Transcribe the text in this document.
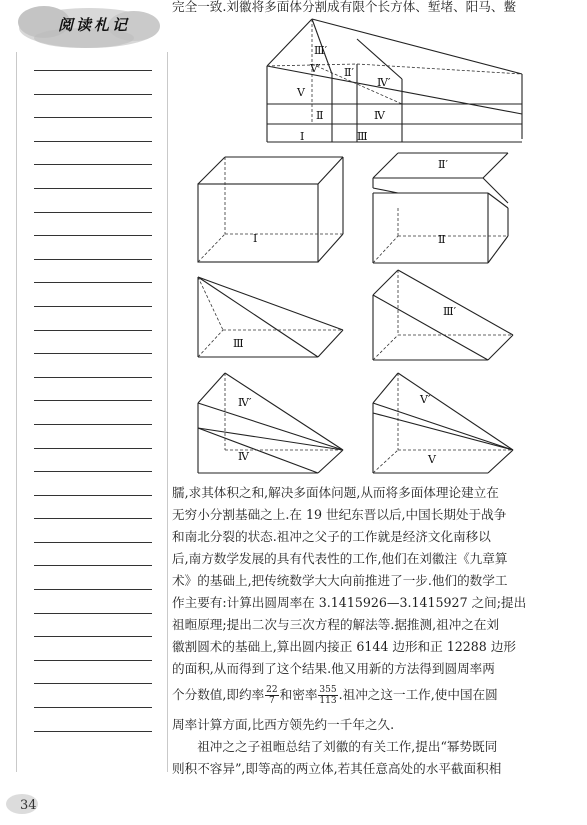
阅读札记
完全一致.刘徽将多面体分割成有限个长方体、堑堵、阳马、鳖
Ⅲ′
Ⅴ′ Ⅱ′
Ⅳ′
Ⅴ
Ⅱ	Ⅳ
Ⅰ	Ⅲ
Ⅰ
Ⅱ′
Ⅱ
Ⅲ
Ⅲ′
Ⅳ′
Ⅳ
Ⅴ′
Ⅴ
臑,求其体积之和,解决多面体问题,从而将多面体理论建立在
无穷小分割基础之上.在 19 世纪东晋以后,中国长期处于战争
和南北分裂的状态.祖冲之父子的工作就是经济文化南移以
后,南方数学发展的具有代表性的工作,他们在刘徽注《九章算
术》的基础上,把传统数学大大向前推进了一步.他们的数学工
作主要有:计算出圆周率在 3.1415926—3.1415927 之间;提出
祖暅原理;提出二次与三次方程的解法等.据推测,祖冲之在刘
徽割圆术的基础上,算出圆内接正 6144 边形和正 12288 边形
的面积,从而得到了这个结果.他又用新的方法得到圆周率两
个分数值,即约率 $\frac{22}{7}$ 和密率 $\frac{355}{113}$ .祖冲之这一工作,使中国在圆
周率计算方面,比西方领先约一千年之久.
　　祖冲之之子祖暅总结了刘徽的有关工作,提出“幂势既同
则积不容异”,即等高的两立体,若其任意高处的水平截面积相
34
